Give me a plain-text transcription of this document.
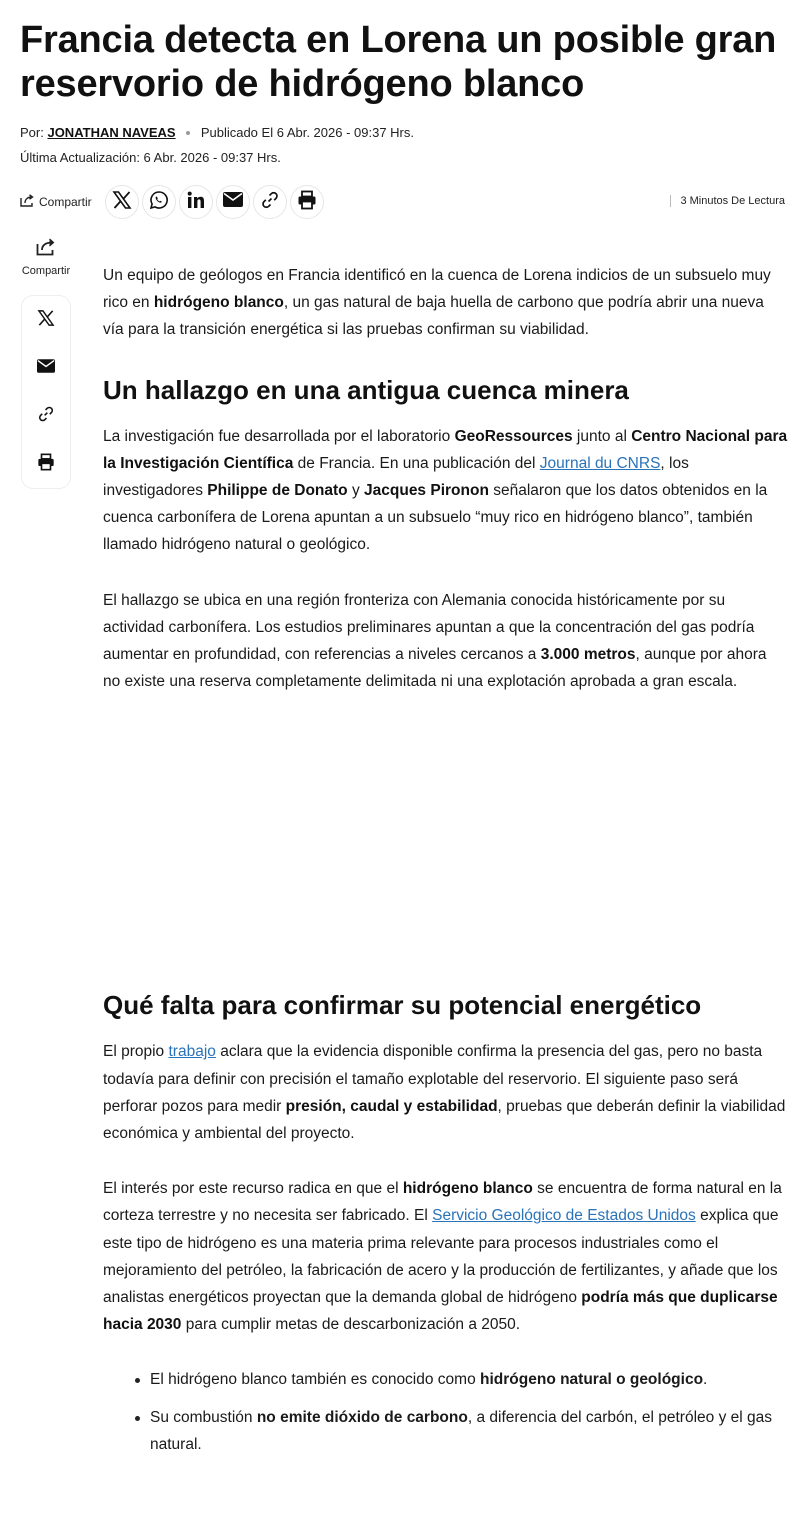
Francia detecta en Lorena un posible gran reservorio de hidrógeno blanco
Por: JONATHAN NAVEAS Publicado El 6 Abr. 2026 - 09:37 Hrs.
Última Actualización: 6 Abr. 2026 - 09:37 Hrs.
Compartir	3 Minutos De Lectura
Compartir Un equipo de geólogos en Francia identificó en la cuenca de Lorena indicios de un subsuelo muy rico en hidrógeno blanco, un gas natural de baja huella de carbono que podría abrir una nueva vía para la transición energética si las pruebas confirman su viabilidad.

Un hallazgo en una antigua cuenca minera

La investigación fue desarrollada por el laboratorio GeoRessources junto al Centro Nacional para la Investigación Científica de Francia. En una publicación del Journal du CNRS, los investigadores Philippe de Donato y Jacques Pironon señalaron que los datos obtenidos en la cuenca carbonífera de Lorena apuntan a un subsuelo “muy rico en hidrógeno blanco”, también llamado hidrógeno natural o geológico.

El hallazgo se ubica en una región fronteriza con Alemania conocida históricamente por su actividad carbonífera. Los estudios preliminares apuntan a que la concentración del gas podría aumentar en profundidad, con referencias a niveles cercanos a 3.000 metros, aunque por ahora no existe una reserva completamente delimitada ni una explotación aprobada a gran escala.

Qué falta para confirmar su potencial energético

El propio trabajo aclara que la evidencia disponible confirma la presencia del gas, pero no basta todavía para definir con precisión el tamaño explotable del reservorio. El siguiente paso será perforar pozos para medir presión, caudal y estabilidad, pruebas que deberán definir la viabilidad económica y ambiental del proyecto.

El interés por este recurso radica en que el hidrógeno blanco se encuentra de forma natural en la corteza terrestre y no necesita ser fabricado. El Servicio Geológico de Estados Unidos explica que este tipo de hidrógeno es una materia prima relevante para procesos industriales como el mejoramiento del petróleo, la fabricación de acero y la producción de fertilizantes, y añade que los analistas energéticos proyectan que la demanda global de hidrógeno podría más que duplicarse hacia 2030 para cumplir metas de descarbonización a 2050.

El hidrógeno blanco también es conocido como hidrógeno natural o geológico.
Su combustión no emite dióxido de carbono, a diferencia del carbón, el petróleo y el gas natural.
